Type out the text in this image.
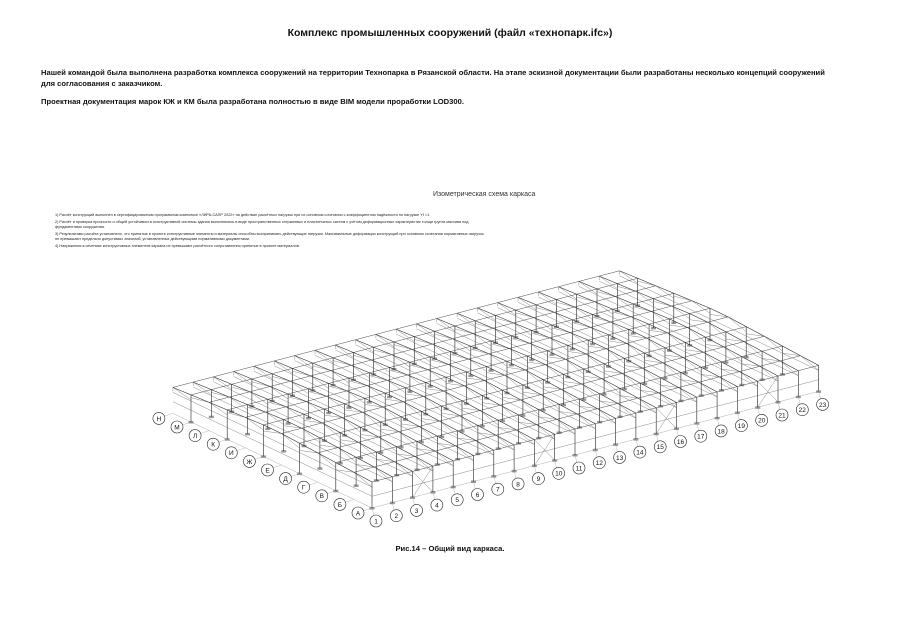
Комплекс промышленных сооружений (файл «технопарк.ifc»)
Нашей командой была выполнена разработка комплекса сооружений на территории Технопарка в Рязанской области. На этапе эскизной документации были разработаны несколько концепций сооружений для согласования с заказчиком.
Проектная документация марок КЖ и КМ была разработана полностью в виде BIM модели проработки LOD300.
1
2
3
4
5
6
7
8
9
10
11
12
13
14
15
16
17
18
19
20
21
22
23
А
Б
В
Г
Д
Е
Ж
И
К
Л
М
Н
Изометрическая схема каркаса
1) Расчёт конструкций выполнен в сертифицированном программном комплексе «ЛИРА-САПР 2022» на действие расчётных нагрузок при их основном сочетании с коэффициентом надёжности по нагрузке Yf =1.
2) Расчёт и проверка прочности и общей устойчивости конструктивной системы здания выполнялись в виде пространственных стержневых и пластинчатых систем с учётом деформационных характеристик толщи грунта массива под фундаментами сооружения.
3) Результатами расчёта установлено, что принятые в проекте конструктивные элементы и материалы способны воспринимать действующие нагрузки. Максимальные деформации конструкций при основном сочетании нормативных нагрузок не превышают предельно допустимых значений, установленных действующими нормативными документами.
4) Напряжения в сечениях конструктивных элементов каркаса не превышают расчётного сопротивления принятых в проекте материалов.
Рис.14 – Общий вид каркаса.
